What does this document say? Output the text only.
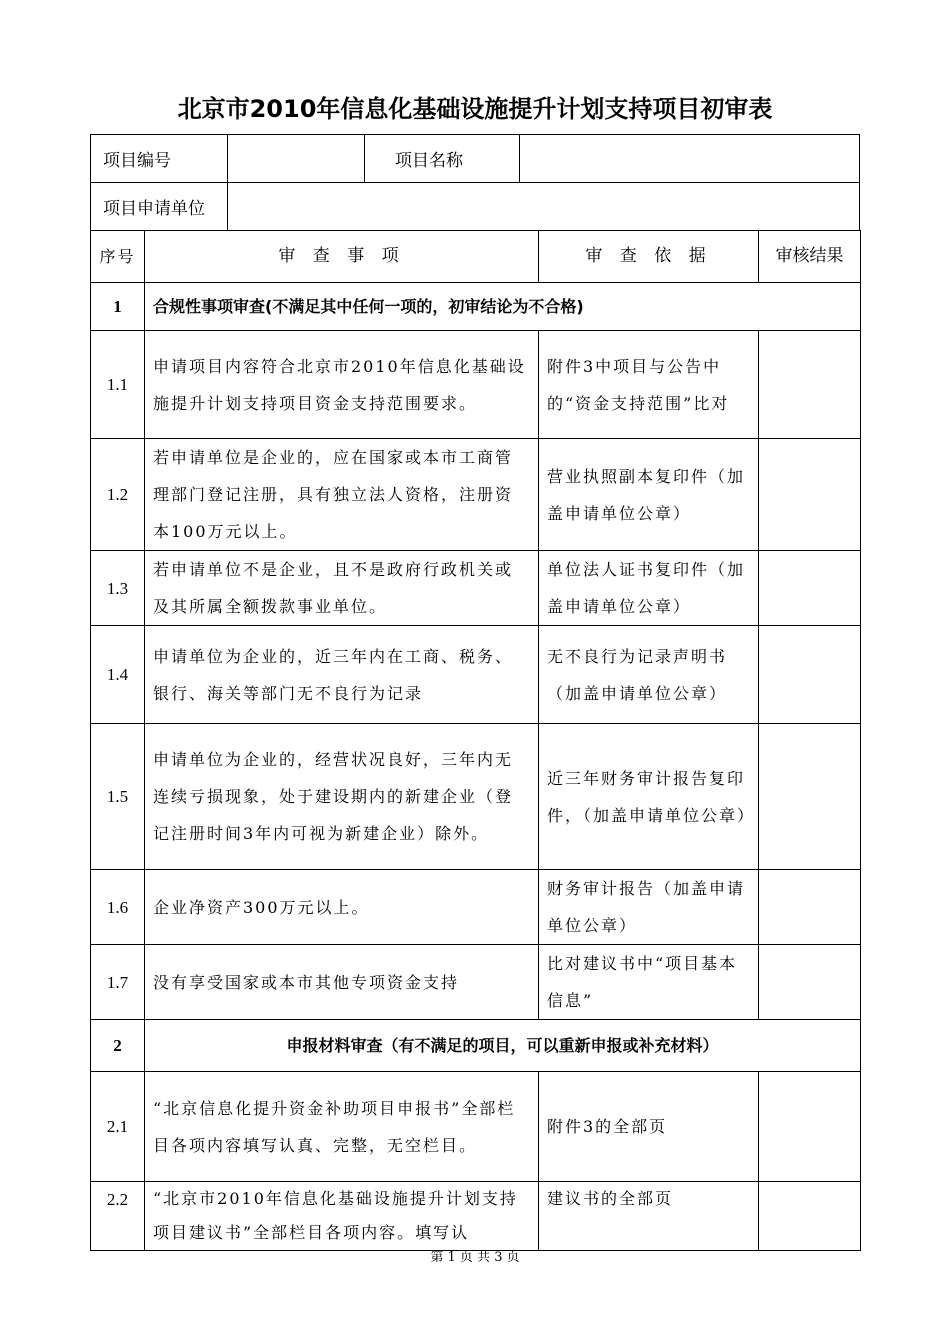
北京市2010年信息化基础设施提升计划支持项目初审表
项目编号		项目名称	
项目申请单位			
序号	审 查 事 项	审 查 依 据	审核结果
1	合规性事项审查(不满足其中任何一项的，初审结论为不合格)		
1.1	申请项目内容符合北京市2010年信息化基础设施提升计划支持项目资金支持范围要求。	附件3中项目与公告中的“资金支持范围”比对	
1.2	若申请单位是企业的，应在国家或本市工商管理部门登记注册，具有独立法人资格，注册资本100万元以上。	营业执照副本复印件（加盖申请单位公章）	
1.3	若申请单位不是企业，且不是政府行政机关或及其所属全额拨款事业单位。	单位法人证书复印件（加盖申请单位公章）	
1.4	申请单位为企业的，近三年内在工商、税务、银行、海关等部门无不良行为记录	无不良行为记录声明书（加盖申请单位公章）	
1.5	申请单位为企业的，经营状况良好，三年内无连续亏损现象，处于建设期内的新建企业（登记注册时间3年内可视为新建企业）除外。	近三年财务审计报告复印件，（加盖申请单位公章）	
1.6	企业净资产300万元以上。	财务审计报告（加盖申请单位公章）	
1.7	没有享受国家或本市其他专项资金支持	比对建议书中“项目基本信息”	
2	申报材料审查（有不满足的项目，可以重新申报或补充材料）		
2.1	“北京信息化提升资金补助项目申报书”全部栏目各项内容填写认真、完整，无空栏目。	附件3的全部页	
2.2	“北京市2010年信息化基础设施提升计划支持项目建议书”全部栏目各项内容。填写认	建议书的全部页	
第 1 页 共 3 页
